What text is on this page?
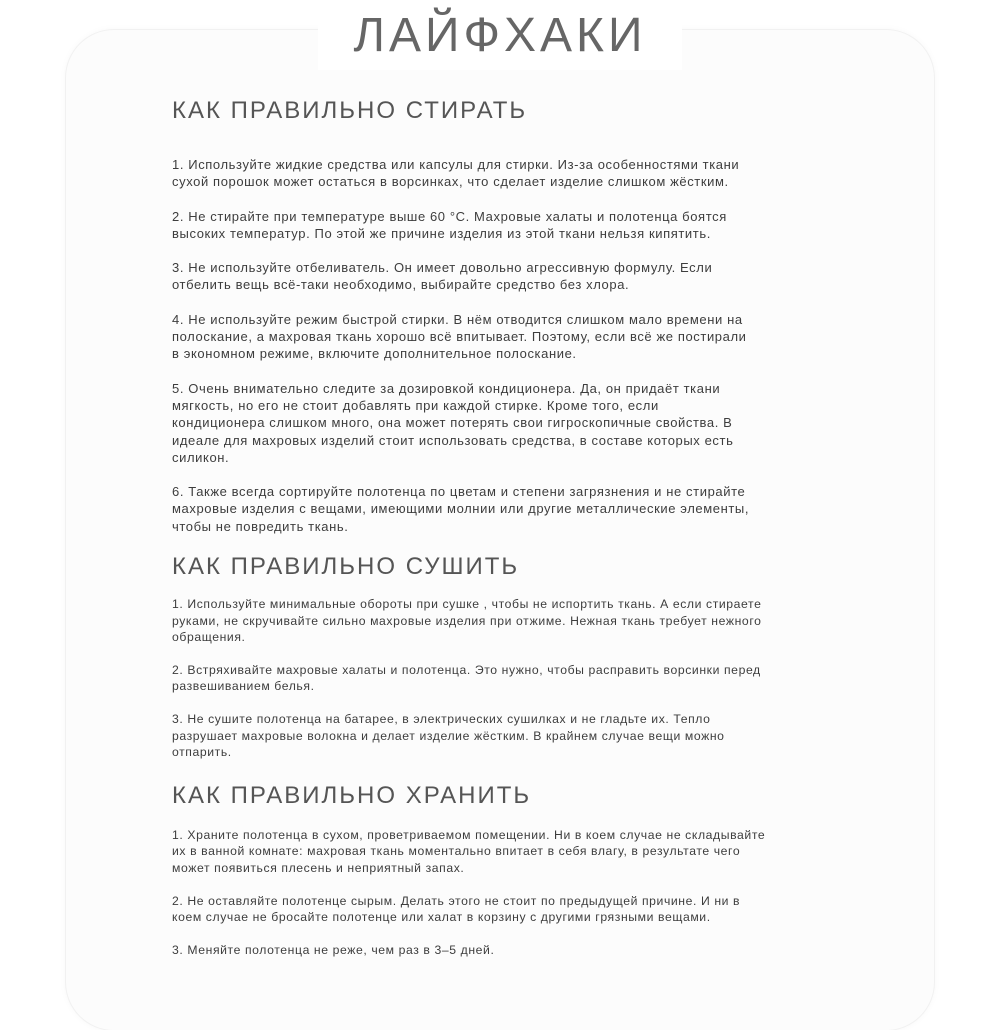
ЛАЙФХАКИ
КАК ПРАВИЛЬНО СТИРАТЬ

1. Используйте жидкие средства или капсулы для стирки. Из-за особенностями ткани
сухой порошок может остаться в ворсинках, что сделает изделие слишком жёстким.

2. Не стирайте при температуре выше 60 °C. Махровые халаты и полотенца боятся
высоких температур. По этой же причине изделия из этой ткани нельзя кипятить.

3. Не используйте отбеливатель. Он имеет довольно агрессивную формулу. Если
отбелить вещь всё-таки необходимо, выбирайте средство без хлора.

4. Не используйте режим быстрой стирки. В нём отводится слишком мало времени на
полоскание, а махровая ткань хорошо всё впитывает. Поэтому, если всё же постирали
в экономном режиме, включите дополнительное полоскание.

5. Очень внимательно следите за дозировкой кондиционера. Да, он придаёт ткани
мягкость, но его не стоит добавлять при каждой стирке. Кроме того, если
кондиционера слишком много, она может потерять свои гигроскопичные свойства. В
идеале для махровых изделий стоит использовать средства, в составе которых есть
силикон.

6. Также всегда сортируйте полотенца по цветам и степени загрязнения и не стирайте
махровые изделия с вещами, имеющими молнии или другие металлические элементы,
чтобы не повредить ткань.

КАК ПРАВИЛЬНО СУШИТЬ

1. Используйте минимальные обороты при сушке , чтобы не испортить ткань. А если стираете
руками, не скручивайте сильно махровые изделия при отжиме. Нежная ткань требует нежного
обращения.

2. Встряхивайте махровые халаты и полотенца. Это нужно, чтобы расправить ворсинки перед
развешиванием белья.

3. Не сушите полотенца на батарее, в электрических сушилках и не гладьте их. Тепло
разрушает махровые волокна и делает изделие жёстким. В крайнем случае вещи можно
отпарить.

КАК ПРАВИЛЬНО ХРАНИТЬ

1. Храните полотенца в сухом, проветриваемом помещении. Ни в коем случае не складывайте
их в ванной комнате: махровая ткань моментально впитает в себя влагу, в результате чего
может появиться плесень и неприятный запах.

2. Не оставляйте полотенце сырым. Делать этого не стоит по предыдущей причине. И ни в
коем случае не бросайте полотенце или халат в корзину с другими грязными вещами.

3. Меняйте полотенца не реже, чем раз в 3–5 дней.
